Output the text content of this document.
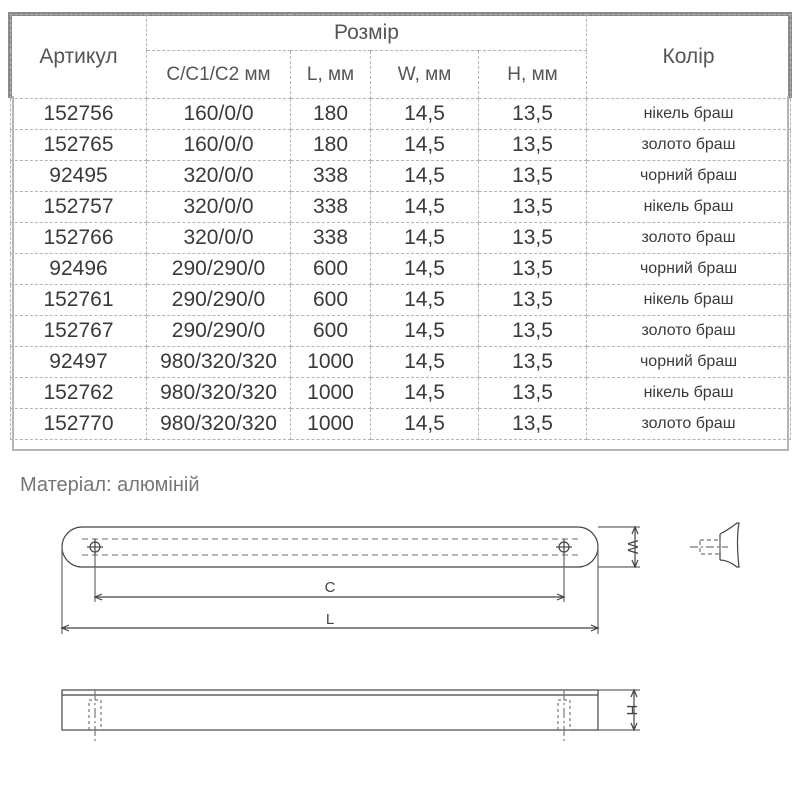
Артикул	Розмір				Колір
	C/C1/C2 мм	L, мм	W, мм	H, мм	
152756	160/0/0	180	14,5	13,5	нікель браш
152765	160/0/0	180	14,5	13,5	золото браш
92495	320/0/0	338	14,5	13,5	чорний браш
152757	320/0/0	338	14,5	13,5	нікель браш
152766	320/0/0	338	14,5	13,5	золото браш
92496	290/290/0	600	14,5	13,5	чорний браш
152761	290/290/0	600	14,5	13,5	нікель браш
152767	290/290/0	600	14,5	13,5	золото браш
92497	980/320/320	1000	14,5	13,5	чорний браш
152762	980/320/320	1000	14,5	13,5	нікель браш
152770	980/320/320	1000	14,5	13,5	золото браш
Матеріал: алюміній
C
L
W
H
